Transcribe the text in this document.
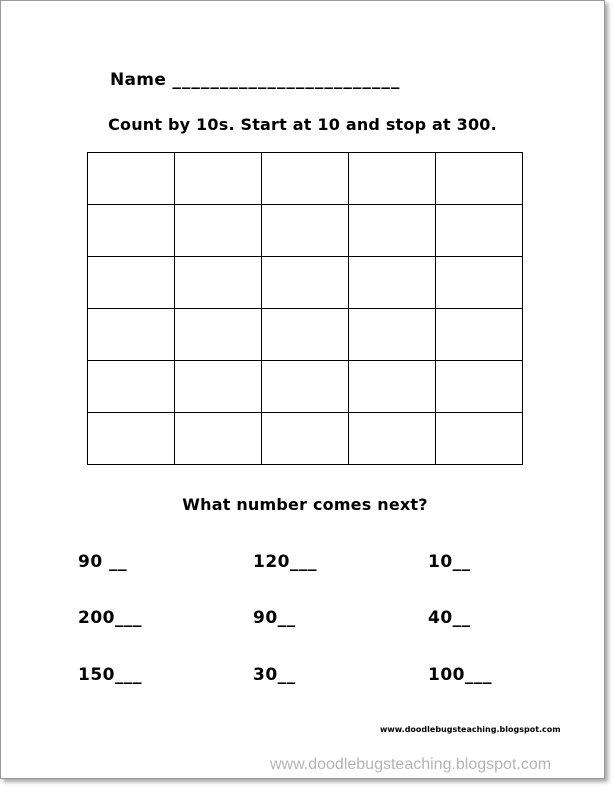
Name ________________________
Count by 10s. Start at 10 and stop at 300.

What number comes next?
90 __	120___	10__
200___	90__	40__
150___	30__	100___
www.doodlebugsteaching.blogspot.com
www.doodlebugsteaching.blogspot.com
